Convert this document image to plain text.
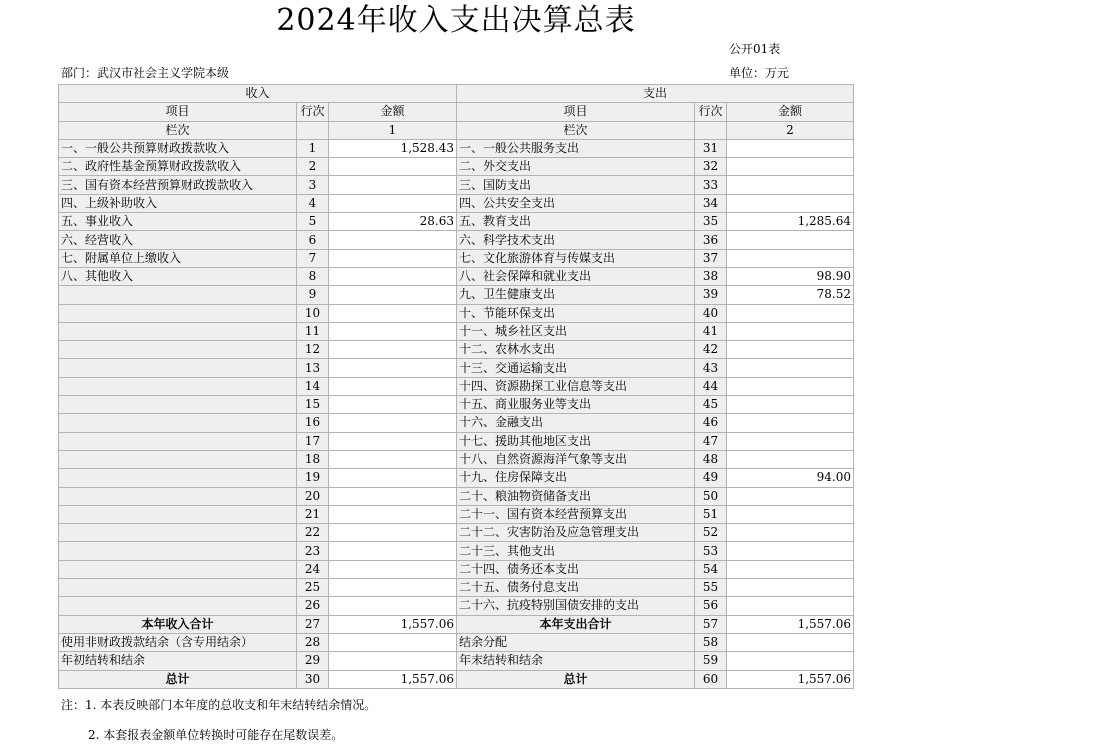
2024年收入支出决算总表
公开01表
部门：武汉市社会主义学院本级	单位：万元
收入			支出		
项目	行次	金额	项目	行次	金额
栏次		1	栏次		2
一、一般公共预算财政拨款收入	1	1,528.43	一、一般公共服务支出	31	
二、政府性基金预算财政拨款收入	2		二、外交支出	32	
三、国有资本经营预算财政拨款收入	3		三、国防支出	33	
四、上级补助收入	4		四、公共安全支出	34	
五、事业收入	5	28.63	五、教育支出	35	1,285.64
六、经营收入	6		六、科学技术支出	36	
七、附属单位上缴收入	7		七、文化旅游体育与传媒支出	37	
八、其他收入	8		八、社会保障和就业支出	38	98.90
	9		九、卫生健康支出	39	78.52
	10		十、节能环保支出	40	
	11		十一、城乡社区支出	41	
	12		十二、农林水支出	42	
	13		十三、交通运输支出	43	
	14		十四、资源勘探工业信息等支出	44	
	15		十五、商业服务业等支出	45	
	16		十六、金融支出	46	
	17		十七、援助其他地区支出	47	
	18		十八、自然资源海洋气象等支出	48	
	19		十九、住房保障支出	49	94.00
	20		二十、粮油物资储备支出	50	
	21		二十一、国有资本经营预算支出	51	
	22		二十二、灾害防治及应急管理支出	52	
	23		二十三、其他支出	53	
	24		二十四、债务还本支出	54	
	25		二十五、债务付息支出	55	
	26		二十六、抗疫特别国债安排的支出	56	
本年收入合计	27	1,557.06	本年支出合计	57	1,557.06
使用非财政拨款结余（含专用结余）	28		结余分配	58	
年初结转和结余	29		年末结转和结余	59	
总计	30	1,557.06	总计	60	1,557.06
注：1. 本表反映部门本年度的总收支和年末结转结余情况。
2. 本套报表金额单位转换时可能存在尾数误差。
